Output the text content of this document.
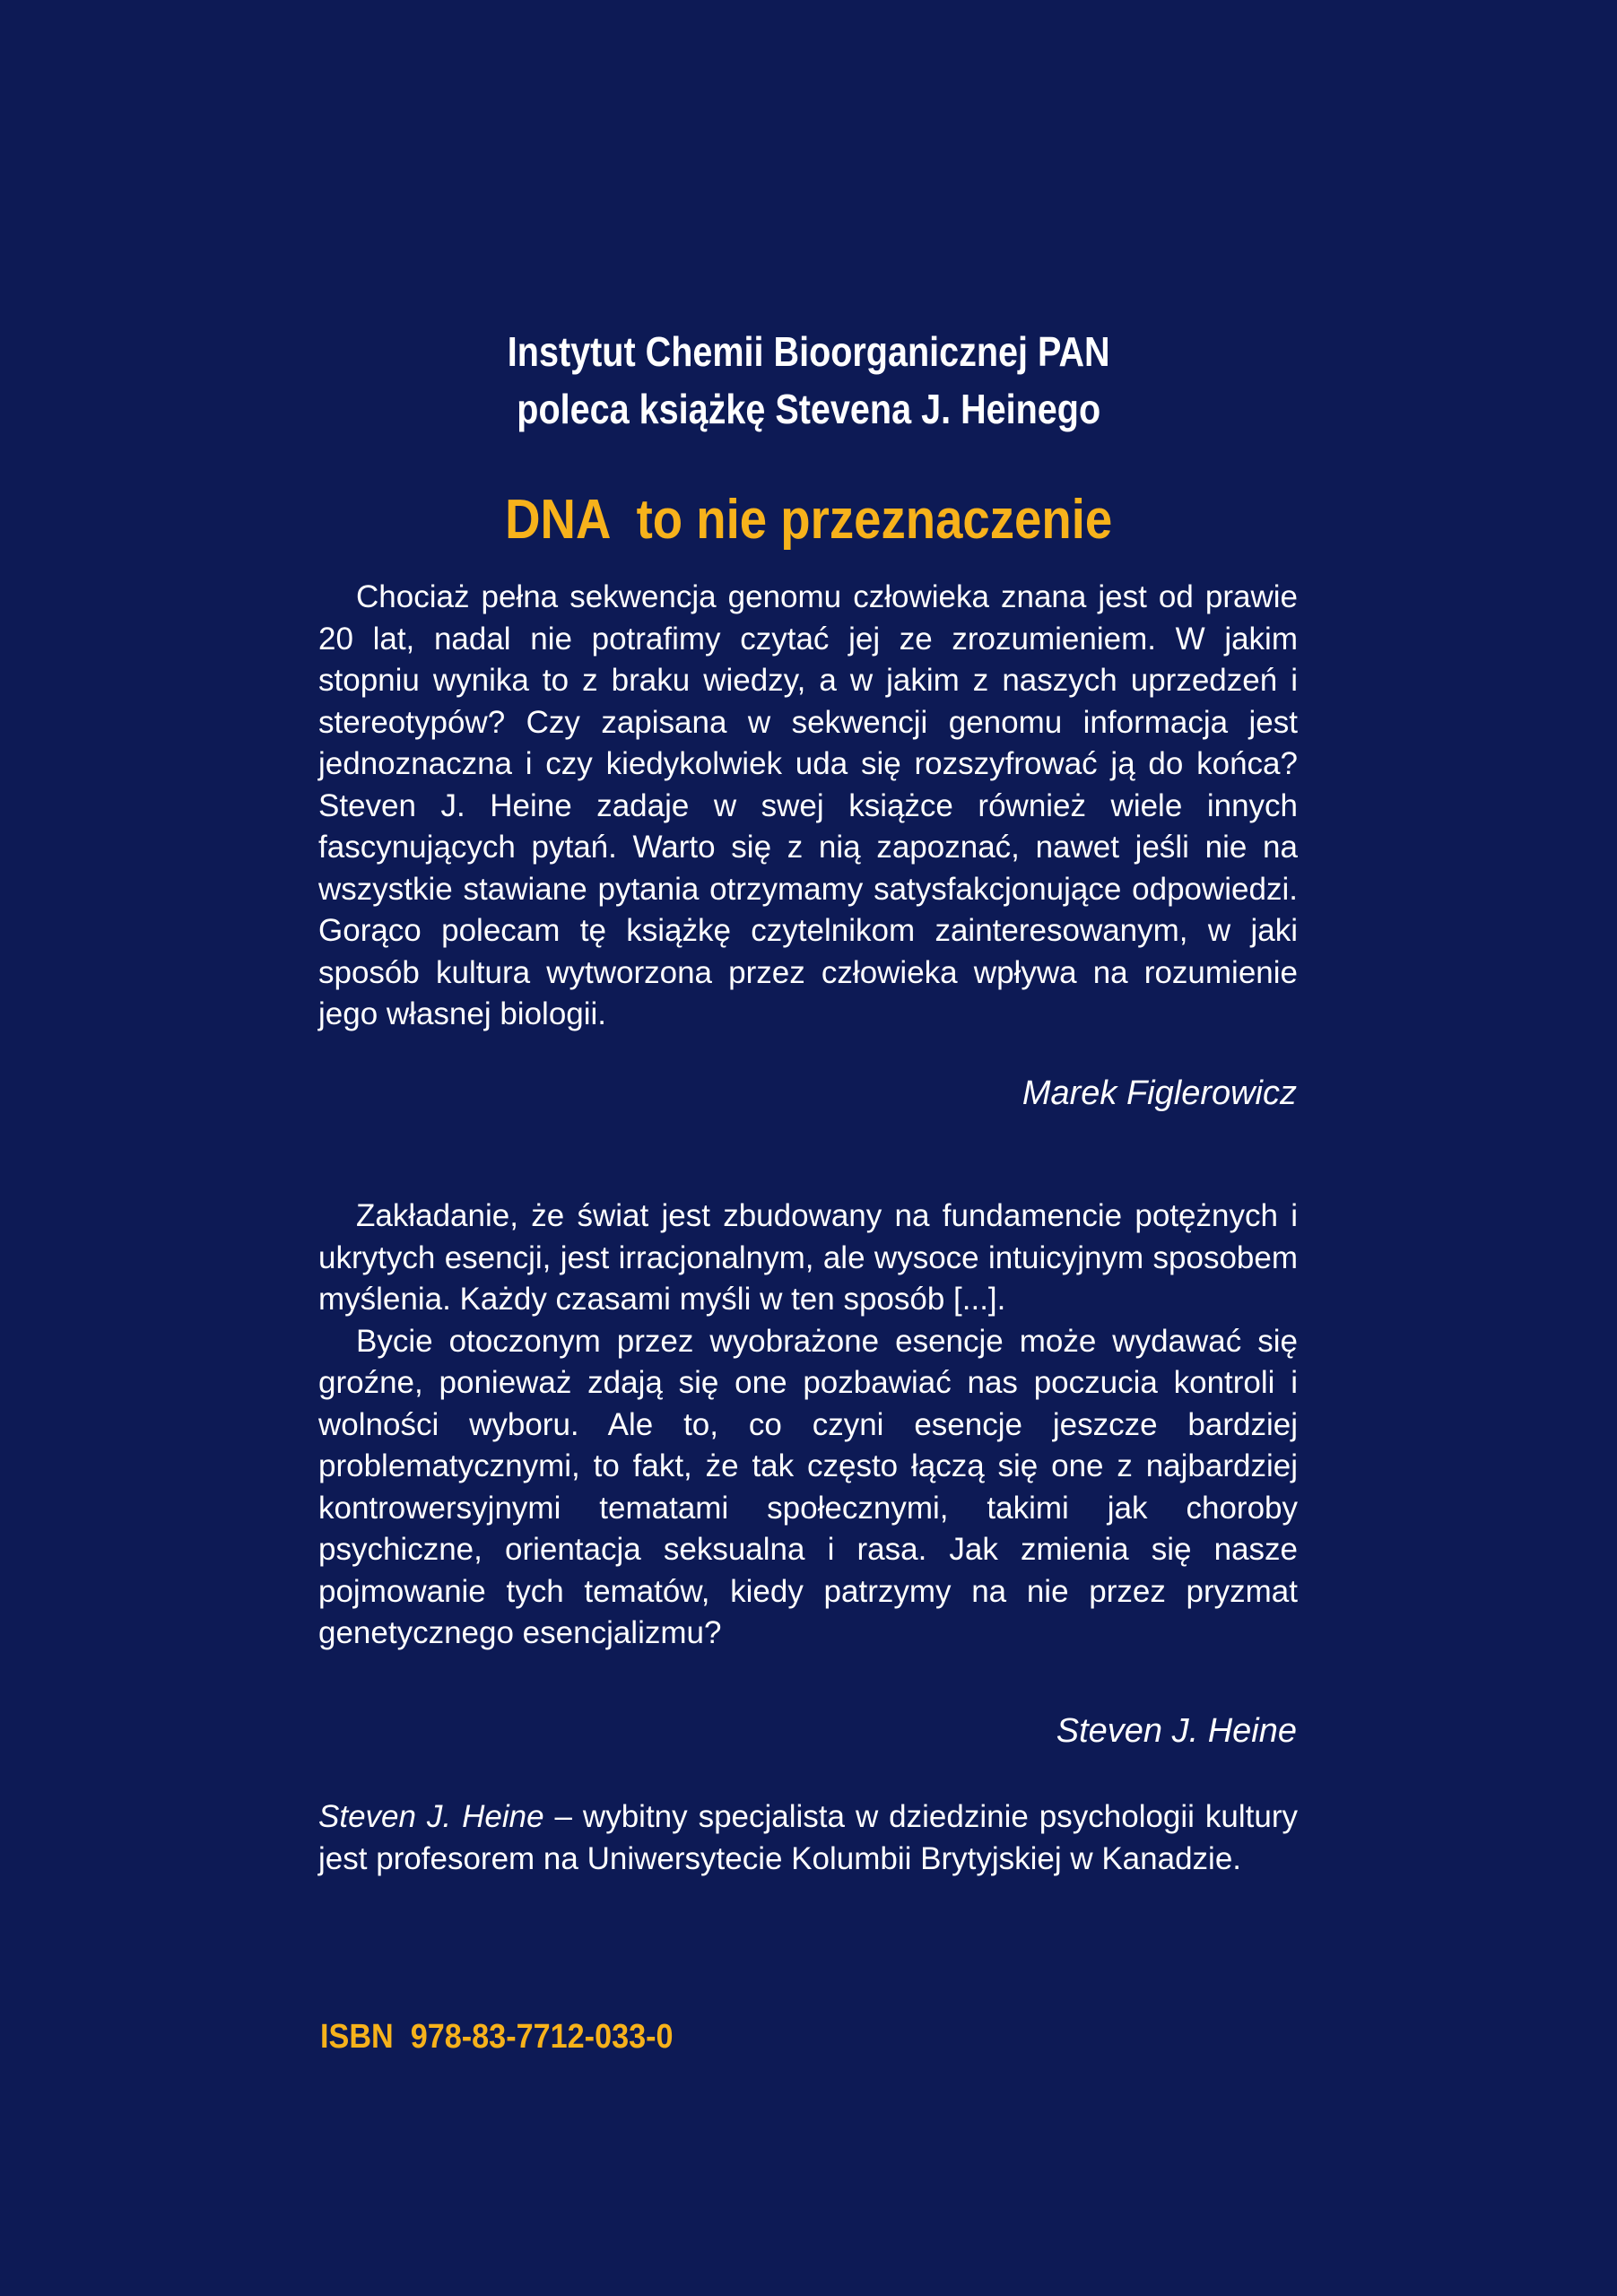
Instytut Chemii Bioorganicznej PAN
poleca książkę Stevena J. Heinego
DNA  to nie przeznaczenie

Chociaż pełna sekwencja genomu człowieka znana jest od prawie 20 lat, nadal nie potrafimy czytać jej ze zrozumieniem. W jakim stopniu wynika to z braku wiedzy, a w jakim z naszych uprzedzeń i stereotypów? Czy zapisana w sekwencji genomu informacja jest jednoznaczna i czy kiedykolwiek uda się rozszyfrować ją do końca? Steven J. Heine zadaje w swej książce również wiele innych fascynujących pytań. Warto się z nią zapoznać, nawet jeśli nie na wszystkie stawiane pytania otrzymamy satysfakcjonujące odpowiedzi. Gorąco polecam tę książkę czytelnikom zainteresowanym, w jaki sposób kultura wytworzona przez człowieka wpływa na rozumienie jego własnej biologii.

Marek Figlerowicz

Zakładanie, że świat jest zbudowany na fundamencie potężnych i ukrytych esencji, jest irracjonalnym, ale wysoce intuicyjnym sposobem myślenia. Każdy czasami myśli w ten sposób [...].

Bycie otoczonym przez wyobrażone esencje może wydawać się groźne, ponieważ zdają się one pozbawiać nas poczucia kontroli i wolności wyboru. Ale to, co czyni esencje jeszcze bardziej problematycznymi, to fakt, że tak często łączą się one z najbardziej kontrowersyjnymi tematami społecznymi, takimi jak choroby psychiczne, orientacja seksualna i rasa. Jak zmienia się nasze pojmowanie tych tematów, kiedy patrzymy na nie przez pryzmat genetycznego esencjalizmu?

Steven J. Heine

Steven J. Heine – wybitny specjalista w dziedzinie psychologii kultury jest profesorem na Uniwersytecie Kolumbii Brytyjskiej w Kanadzie.

ISBN  978-83-7712-033-0
